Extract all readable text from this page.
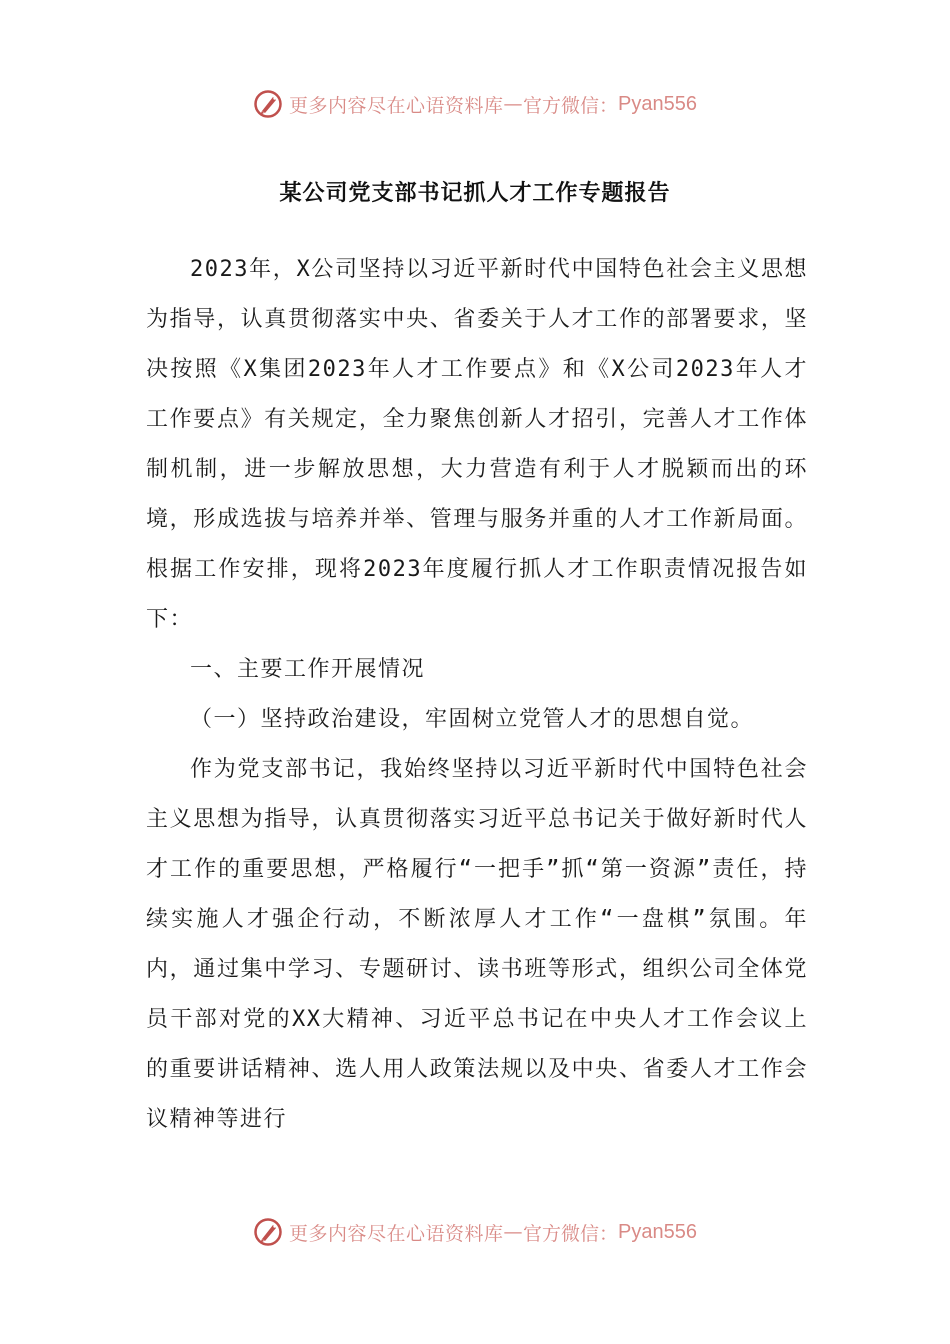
更多内容尽在心语资料库 — 官方微信： Pyan556
某公司党支部书记抓人才工作专题报告

2023年，X公司坚持以习近平新时代中国特色社会主义思想为指导，认真贯彻落实中央、省委关于人才工作的部署要求，坚决按照《X集团2023年人才工作要点》和《X公司2023年人才工作要点》有关规定，全力聚焦创新人才招引，完善人才工作体制机制，进一步解放思想，大力营造有利于人才脱颖而出的环境，形成选拔与培养并举、管理与服务并重的人才工作新局面。根据工作安排，现将2023年度履行抓人才工作职责情况报告如下：

一、主要工作开展情况

（一）坚持政治建设，牢固树立党管人才的思想自觉。

作为党支部书记，我始终坚持以习近平新时代中国特色社会主义思想为指导，认真贯彻落实习近平总书记关于做好新时代人才工作的重要思想，严格履行“一把手”抓“第一资源”责任，持续实施人才强企行动，不断浓厚人才工作“一盘棋”氛围。年内，通过集中学习、专题研讨、读书班等形式，组织公司全体党员干部对党的XX大精神、习近平总书记在中央人才工作会议上的重要讲话精神、选人用人政策法规以及中央、省委人才工作会议精神等进行

更多内容尽在心语资料库 — 官方微信： Pyan556
